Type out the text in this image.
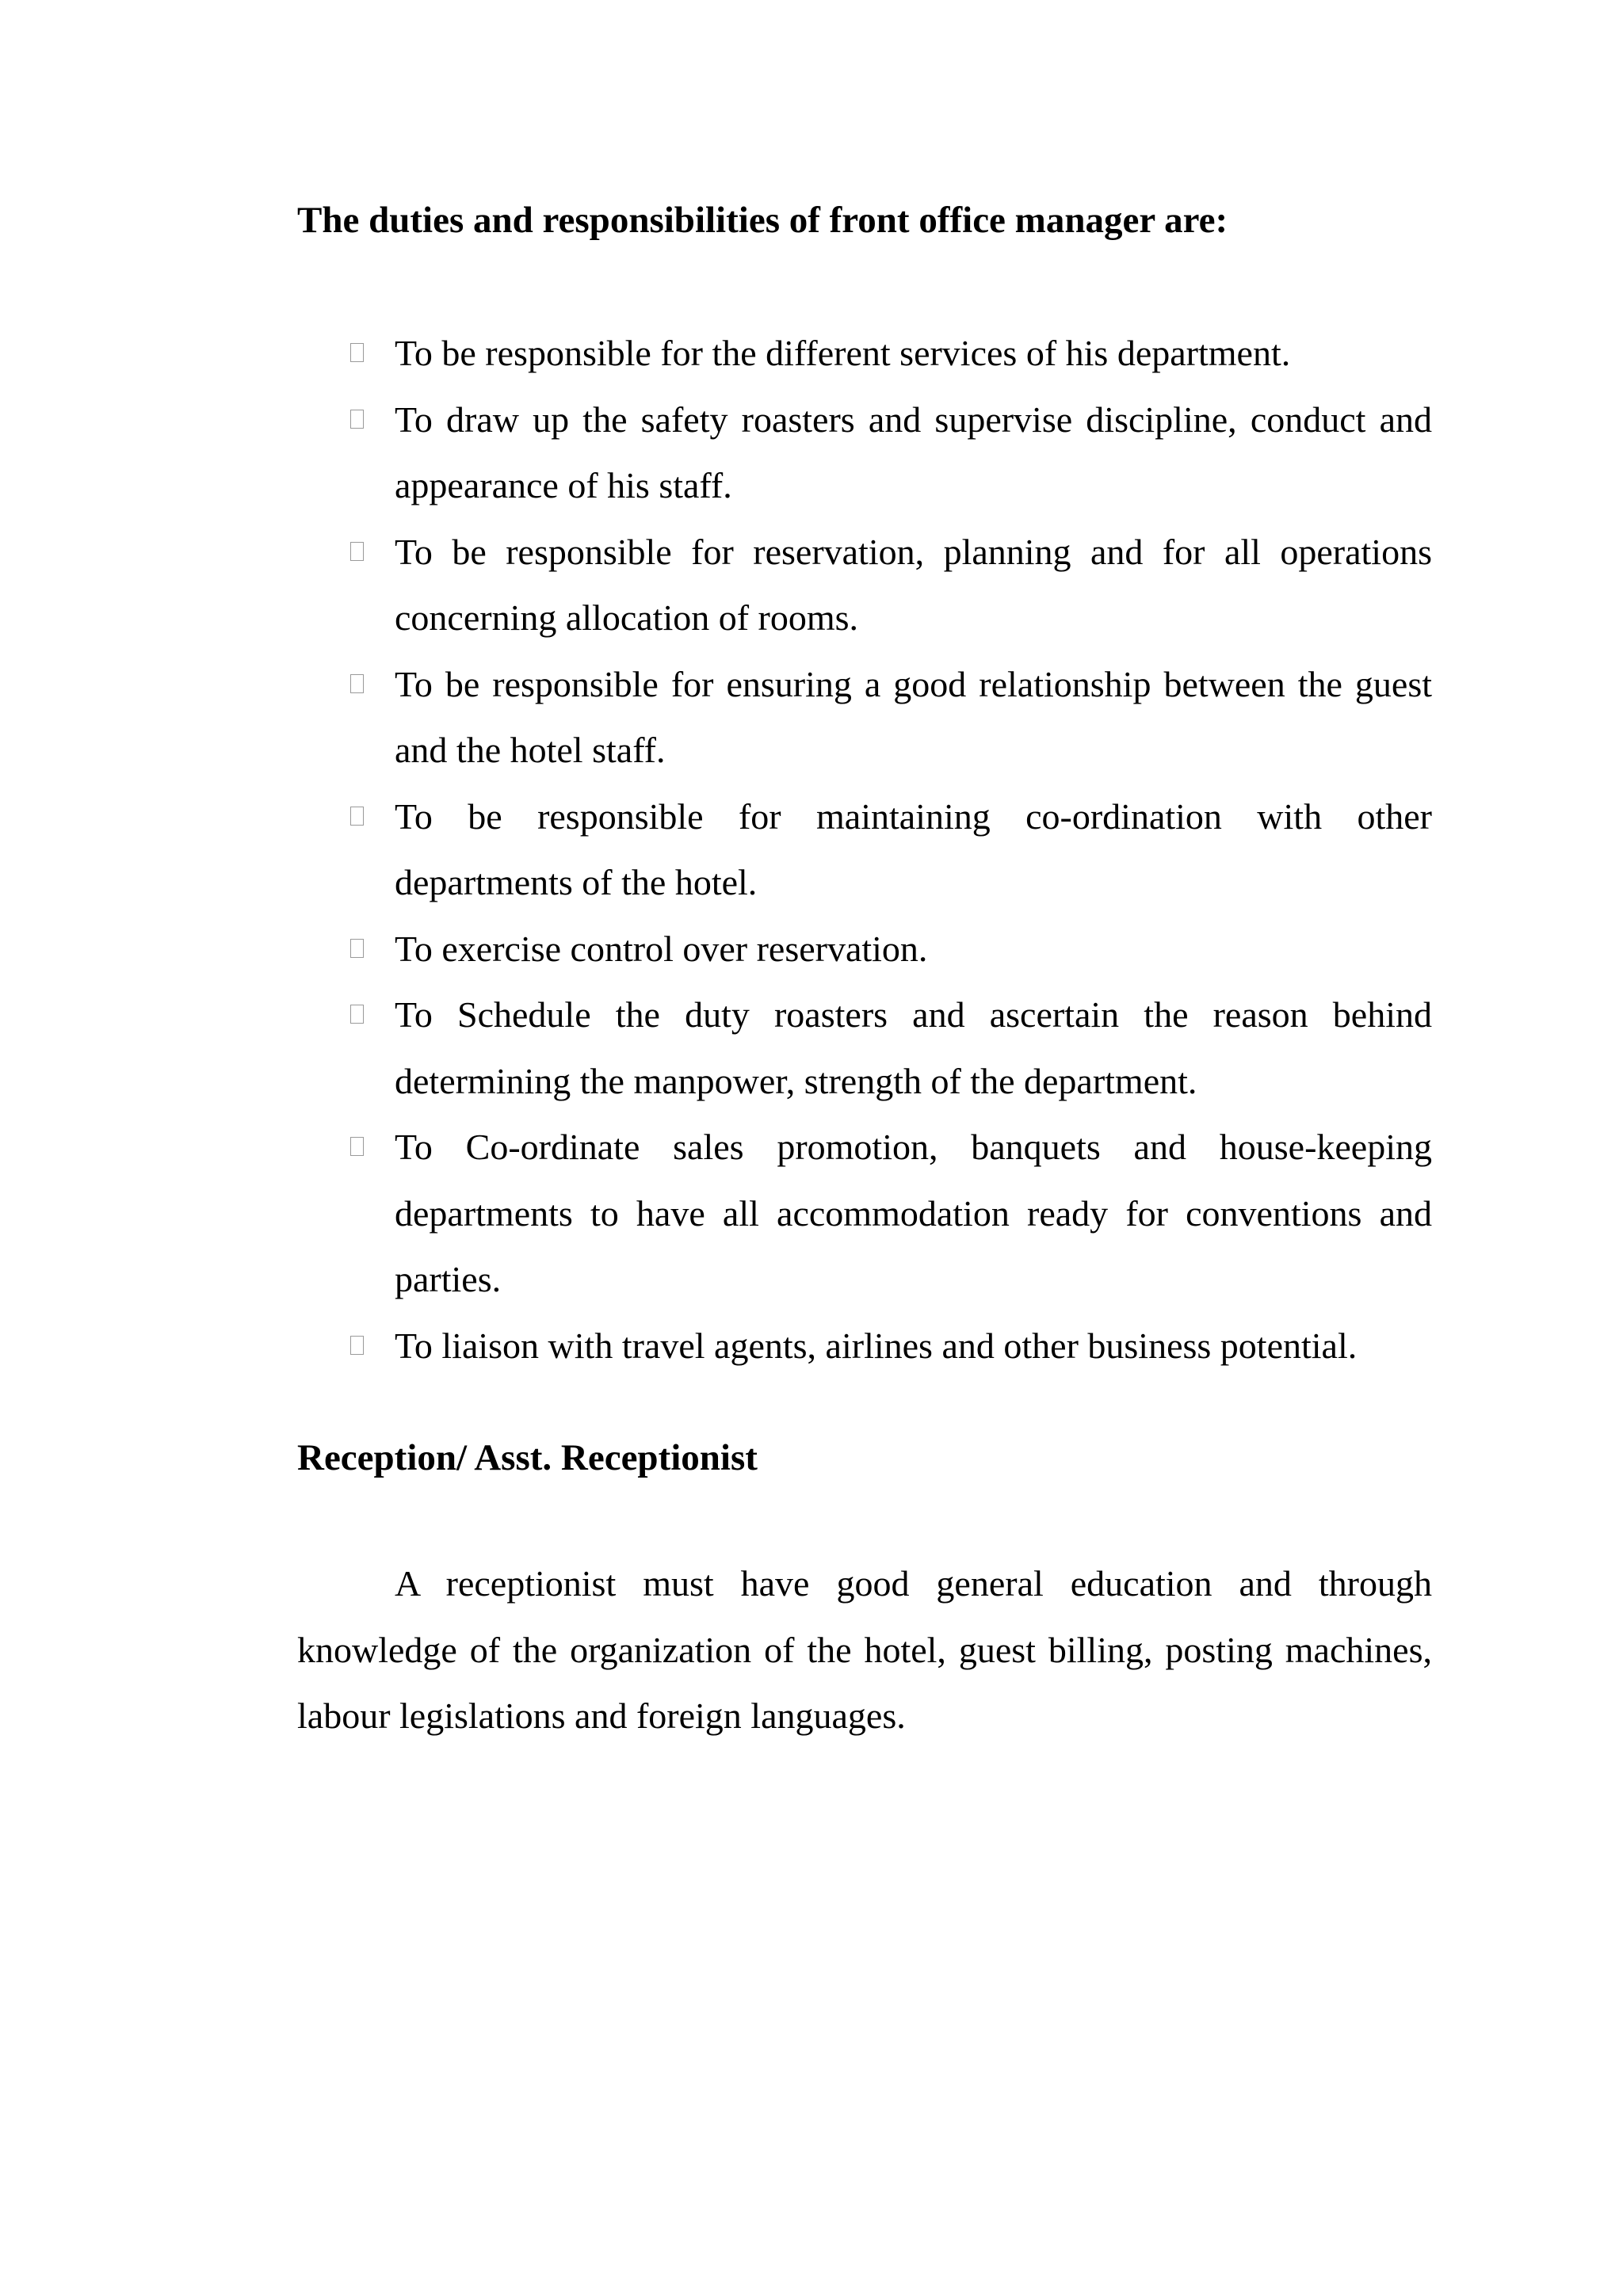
The duties and responsibilities of front office manager are:
To be responsible for the different services of his department.
To draw up the safety roasters and supervise discipline, conduct and appearance of his staff.
To be responsible for reservation, planning and for all operations concerning allocation of rooms.
To be responsible for ensuring a good relationship between the guest and the hotel staff.
To be responsible for maintaining co-ordination with other departments of the hotel.
To exercise control over reservation.
To Schedule the duty roasters and ascertain the reason behind determining the manpower, strength of the department.
To Co-ordinate sales promotion, banquets and house-keeping departments to have all accommodation ready for conventions and parties.
To liaison with travel agents, airlines and other business potential.
Reception/ Asst. Receptionist

A receptionist must have good general education and through knowledge of the organization of the hotel, guest billing, posting machines, labour legislations and foreign languages.
